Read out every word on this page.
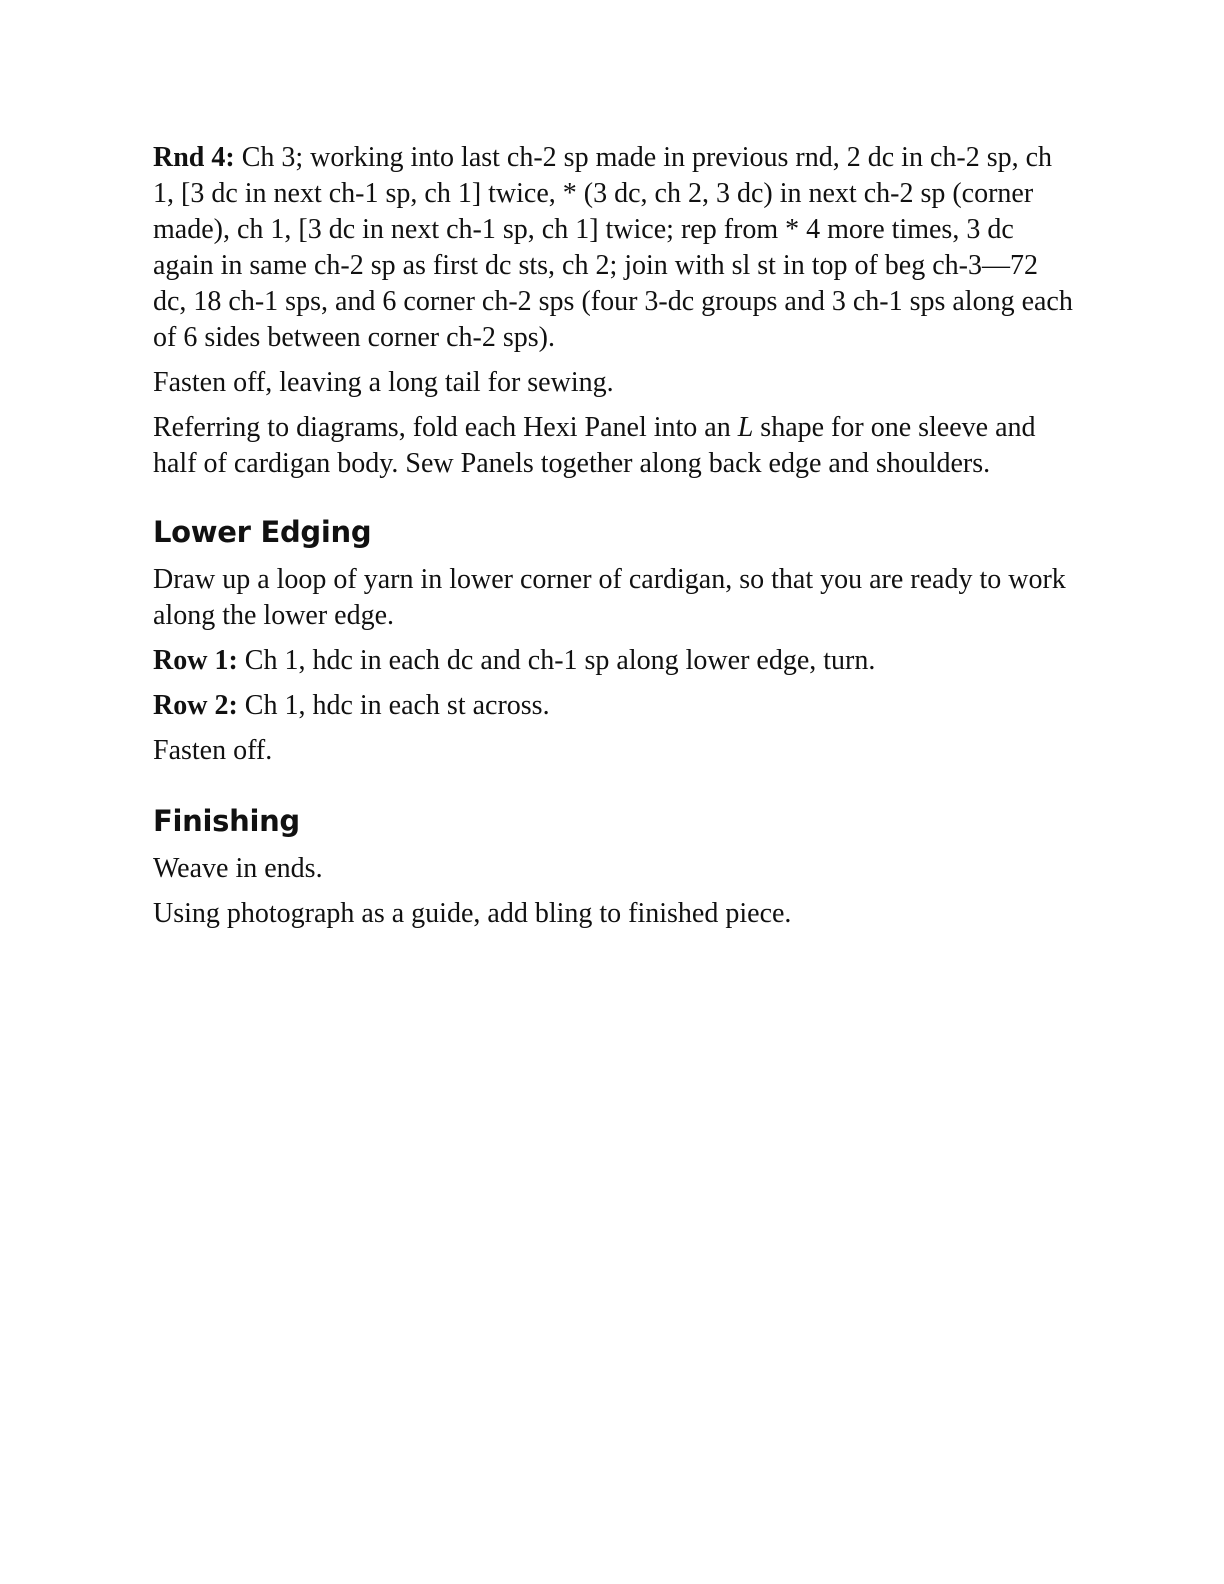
Rnd 4: Ch 3; working into last ch-2 sp made in previous rnd, 2 dc in ch-2 sp, ch 1, [3 dc in next ch-1 sp, ch 1] twice, * (3 dc, ch 2, 3 dc) in next ch-2 sp (corner made), ch 1, [3 dc in next ch-1 sp, ch 1] twice; rep from * 4 more times, 3 dc again in same ch-2 sp as first dc sts, ch 2; join with sl st in top of beg ch-3—72 dc, 18 ch-1 sps, and 6 corner ch-2 sps (four 3-dc groups and 3 ch-1 sps along each of 6 sides between corner ch-2 sps).

Fasten off, leaving a long tail for sewing.

Referring to diagrams, fold each Hexi Panel into an L shape for one sleeve and half of cardigan body. Sew Panels together along back edge and shoulders.

Lower Edging

Draw up a loop of yarn in lower corner of cardigan, so that you are ready to work along the lower edge.

Row 1: Ch 1, hdc in each dc and ch-1 sp along lower edge, turn.

Row 2: Ch 1, hdc in each st across.

Fasten off.

Finishing

Weave in ends.

Using photograph as a guide, add bling to finished piece.
